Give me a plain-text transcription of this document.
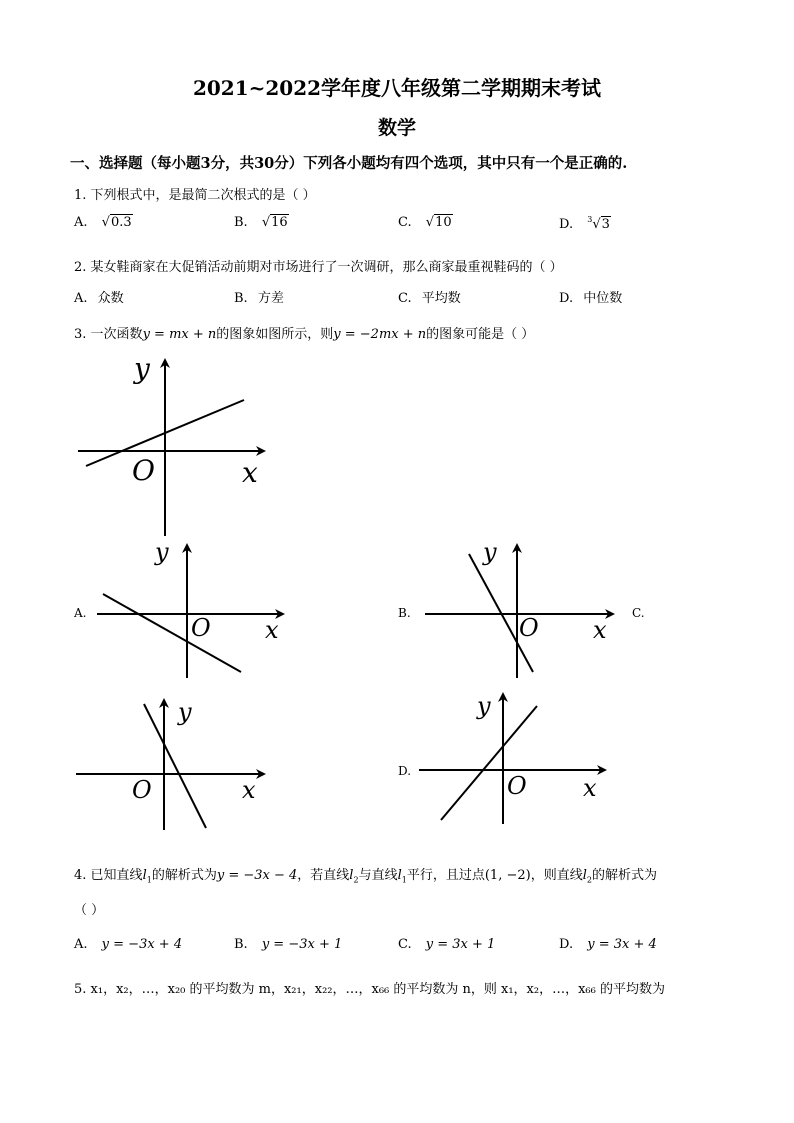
2021~2022学年度八年级第二学期期末考试
数学
一、选择题（每小题3分，共30分）下列各小题均有四个选项，其中只有一个是正确的.
1. 下列根式中，是最简二次根式的是（ ）
A. √0.3	B. √16	C. √10	D. $^3$√3
2. 某女鞋商家在大促销活动前期对市场进行了一次调研，那么商家最重视鞋码的（ ）
A. 众数	B. 方差	C. 平均数	D. 中位数
3. 一次函数y = mx + n的图象如图所示，则y = −2mx + n的图象可能是（ ）
y
x
O
A.
y
x
O
B.
y
x
O
C.
y
x
O
D.
y
x
O
4. 已知直线$l_1$的解析式为y = −3x − 4，若直线$l_2$与直线$l_1$平行，且过点(1, −2)，则直线$l_2$的解析式为
（ ）
A. y = −3x + 4	B. y = −3x + 1	C. y = 3x + 1	D. y = 3x + 4
5. x₁，x₂，…，x₂₀ 的平均数为 m，x₂₁，x₂₂，…，x₆₆ 的平均数为 n，则 x₁，x₂，…，x₆₆ 的平均数为
